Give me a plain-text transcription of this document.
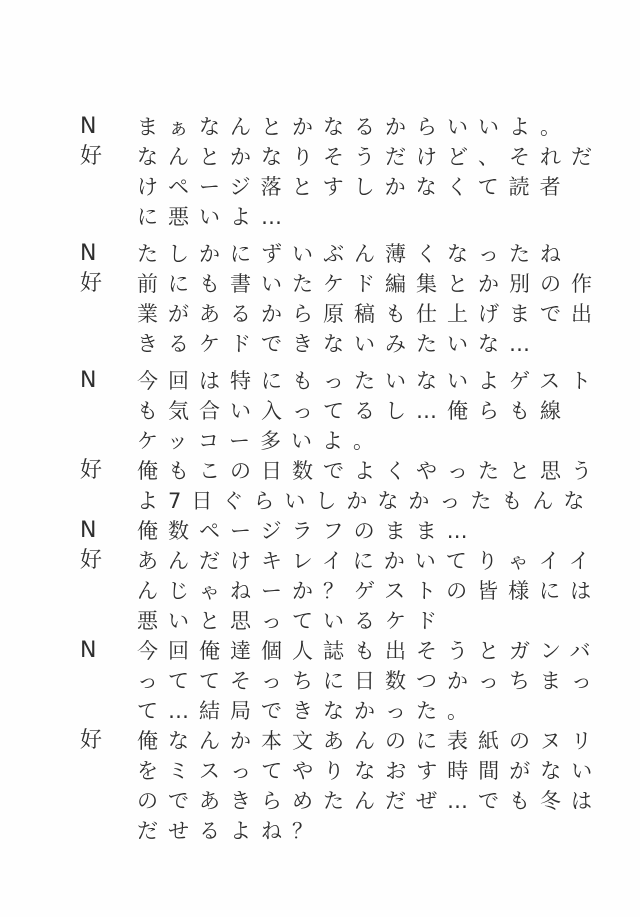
N	まぁなんとかなるからいいよ。
好	なんとかなりそうだけど、それだ
けページ落とすしかなくて読者
に悪いよ…
N	たしかにずいぶん薄くなったね
好	前にも書いたケド編集とか別の作
業があるから原稿も仕上げまで出
きるケドできないみたいな…
N	今回は特にもったいないよゲスト
も気合い入ってるし…俺らも線
ケッコー多いよ。
好	俺もこの日数でよくやったと思う
よ7日ぐらいしかなかったもんな
N	俺数ページラフのまま…
好	あんだけキレイにかいてりゃイイ
んじゃねーか？ゲストの皆様には
悪いと思っているケド
N	今回俺達個人誌も出そうとガンバ
っててそっちに日数つかっちまっ
て…結局できなかった。
好	俺なんか本文あんのに表紙のヌリ
をミスってやりなおす時間がない
のであきらめたんだぜ…でも冬は
だせるよね？
